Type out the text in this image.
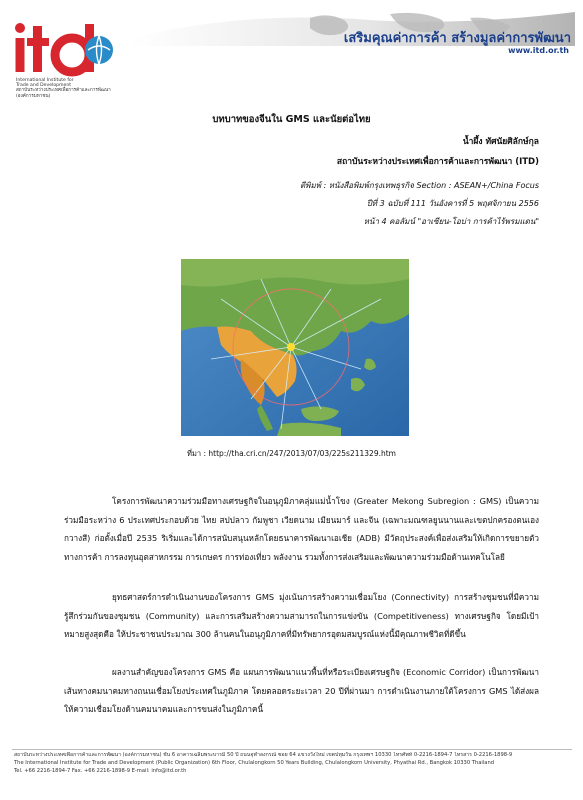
International Institute for
Trade and Development
สถาบันระหว่างประเทศเพื่อการค้าและการพัฒนา (องค์การมหาชน)
เสริมคุณค่าการค้า สร้างมูลค่าการพัฒนา
www.itd.or.th
บทบาทของจีนใน GMS และนัยต่อไทย
น้ำผึ้ง ทัศนัยศิลักษ์กุล
สถาบันระหว่างประเทศเพื่อการค้าและการพัฒนา (ITD)
ตีพิมพ์ : หนังสือพิมพ์กรุงเทพธุรกิจ Section : ASEAN+/China Focus
ปีที่ 3 ฉบับที่ 111 วันอังคารที่ 5 พฤศจิกายน 2556
หน้า 4 คอลัมน์ "อาเซียน-โอบ่า การค้าไร้พรมแดน"
ที่มา : http://tha.cri.cn/247/2013/07/03/225s211329.htm
โครงการพัฒนาความร่วมมือทางเศรษฐกิจในอนุภูมิภาคลุ่มแม่น้ำโขง (Greater Mekong Subregion : GMS) เป็นความร่วมมือระหว่าง 6 ประเทศประกอบด้วย ไทย สปปลาว กัมพูชา เวียดนาม เมียนมาร์ และจีน (เฉพาะมณฑลยูนนานและเขตปกครองตนเองกวางสี) ก่อตั้งเมื่อปี 2535 ริเริ่มและได้การสนับสนุนหลักโดยธนาคารพัฒนาเอเชีย (ADB) มีวัตถุประสงค์เพื่อส่งเสริมให้เกิดการขยายตัวทางการค้า การลงทุนอุตสาหกรรม การเกษตร การท่องเที่ยว พลังงาน รวมทั้งการส่งเสริมและพัฒนาความร่วมมือด้านเทคโนโลยี
ยุทธศาสตร์การดำเนินงานของโครงการ GMS มุ่งเน้นการสร้างความเชื่อมโยง (Connectivity) การสร้างชุมชนที่มีความรู้สึกร่วมกันของชุมชน (Community) และการเสริมสร้างความสามารถในการแข่งขัน (Competitiveness) ทางเศรษฐกิจ โดยมีเป้าหมายสูงสุดคือ ให้ประชาชนประมาณ 300 ล้านคนในอนุภูมิภาคที่มีทรัพยากรอุดมสมบูรณ์แห่งนี้มีคุณภาพชีวิตที่ดีขึ้น
ผลงานสำคัญของโครงการ GMS คือ แผนการพัฒนาแนวพื้นที่หรือระเบียงเศรษฐกิจ (Economic Corridor) เป็นการพัฒนาเส้นทางคมนาคมทางถนนเชื่อมโยงประเทศในภูมิภาค โดยตลอดระยะเวลา 20 ปีที่ผ่านมา การดำเนินงานภายใต้โครงการ GMS ได้ส่งผลให้ความเชื่อมโยงด้านคมนาคมและการขนส่งในภูมิภาคนี้
สถาบันระหว่างประเทศเพื่อการค้าและการพัฒนา (องค์การมหาชน) ชั้น 6 อาคารเฉลิมพระบารมี 50 ปี ถนนจุฬาลงกรณ์ ซอย 64 แขวงวังใหม่ เขตปทุมวัน กรุงเทพฯ 10330 โทรศัพท์ 0-2216-1894-7 โทรสาร 0-2216-1898-9
The International Institute for Trade and Development (Public Organization) 6th Floor, Chulalongkorn 50 Years Building, Chulalongkorn University, Phyathai Rd., Bangkok 10330 Thailand
Tel. +66 2216-1894-7 Fax. +66 2216-1898-9 E-mail: info@itd.or.th
